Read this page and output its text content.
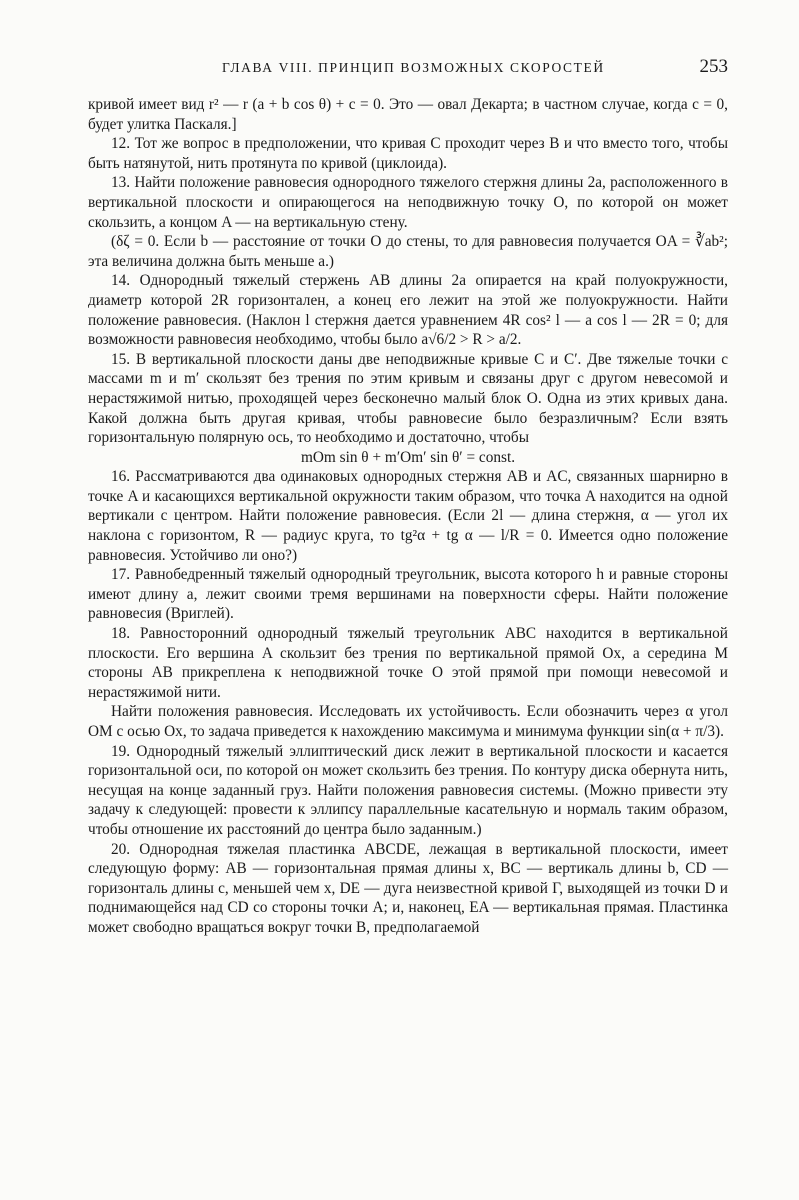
ГЛАВА VIII. ПРИНЦИП ВОЗМОЖНЫХ СКОРОСТЕЙ	253

кривой имеет вид r² — r (a + b cos θ) + c = 0. Это — овал Декарта; в частном случае, когда c = 0, будет улитка Паскаля.]

12. Тот же вопрос в предположении, что кривая C проходит через B и что вместо того, чтобы быть натянутой, нить протянута по кривой (циклоида).

13. Найти положение равновесия однородного тяжелого стержня длины 2a, расположенного в вертикальной плоскости и опирающегося на неподвижную точку O, по которой он может скользить, а концом A — на вертикальную стену.

(δζ = 0. Если b — расстояние от точки O до стены, то для равновесия получается OA = ∛ab²; эта величина должна быть меньше a.)

14. Однородный тяжелый стержень AB длины 2a опирается на край полуокружности, диаметр которой 2R горизонтален, а конец его лежит на этой же полуокружности. Найти положение равновесия. (Наклон l стержня дается уравнением 4R cos² l — a cos l — 2R = 0; для возможности равновесия необходимо, чтобы было a√6/2 > R > a/2.

15. В вертикальной плоскости даны две неподвижные кривые C и C′. Две тяжелые точки с массами m и m′ скользят без трения по этим кривым и связаны друг с другом невесомой и нерастяжимой нитью, проходящей через бесконечно малый блок O. Одна из этих кривых дана. Какой должна быть другая кривая, чтобы равновесие было безразличным? Если взять горизонтальную полярную ось, то необходимо и достаточно, чтобы

mOm sin θ + m′Om′ sin θ′ = const.

16. Рассматриваются два одинаковых однородных стержня AB и AC, связанных шарнирно в точке A и касающихся вертикальной окружности таким образом, что точка A находится на одной вертикали с центром. Найти положение равновесия. (Если 2l — длина стержня, α — угол их наклона с горизонтом, R — радиус круга, то tg²α + tg α — l/R = 0. Имеется одно положение равновесия. Устойчиво ли оно?)

17. Равнобедренный тяжелый однородный треугольник, высота которого h и равные стороны имеют длину a, лежит своими тремя вершинами на поверхности сферы. Найти положение равновесия (Вриглей).

18. Равносторонний однородный тяжелый треугольник ABC находится в вертикальной плоскости. Его вершина A скользит без трения по вертикальной прямой Ox, а середина M стороны AB прикреплена к неподвижной точке O этой прямой при помощи невесомой и нерастяжимой нити.

Найти положения равновесия. Исследовать их устойчивость. Если обозначить через α угол OM с осью Ox, то задача приведется к нахождению максимума и минимума функции sin(α + π/3).

19. Однородный тяжелый эллиптический диск лежит в вертикальной плоскости и касается горизонтальной оси, по которой он может скользить без трения. По контуру диска обернута нить, несущая на конце заданный груз. Найти положения равновесия системы. (Можно привести эту задачу к следующей: провести к эллипсу параллельные касательную и нормаль таким образом, чтобы отношение их расстояний до центра было заданным.)

20. Однородная тяжелая пластинка ABCDE, лежащая в вертикальной плоскости, имеет следующую форму: AB — горизонтальная прямая длины x, BC — вертикаль длины b, CD — горизонталь длины c, меньшей чем x, DE — дуга неизвестной кривой Г, выходящей из точки D и поднимающейся над CD со стороны точки A; и, наконец, EA — вертикальная прямая. Пластинка может свободно вращаться вокруг точки B, предполагаемой
